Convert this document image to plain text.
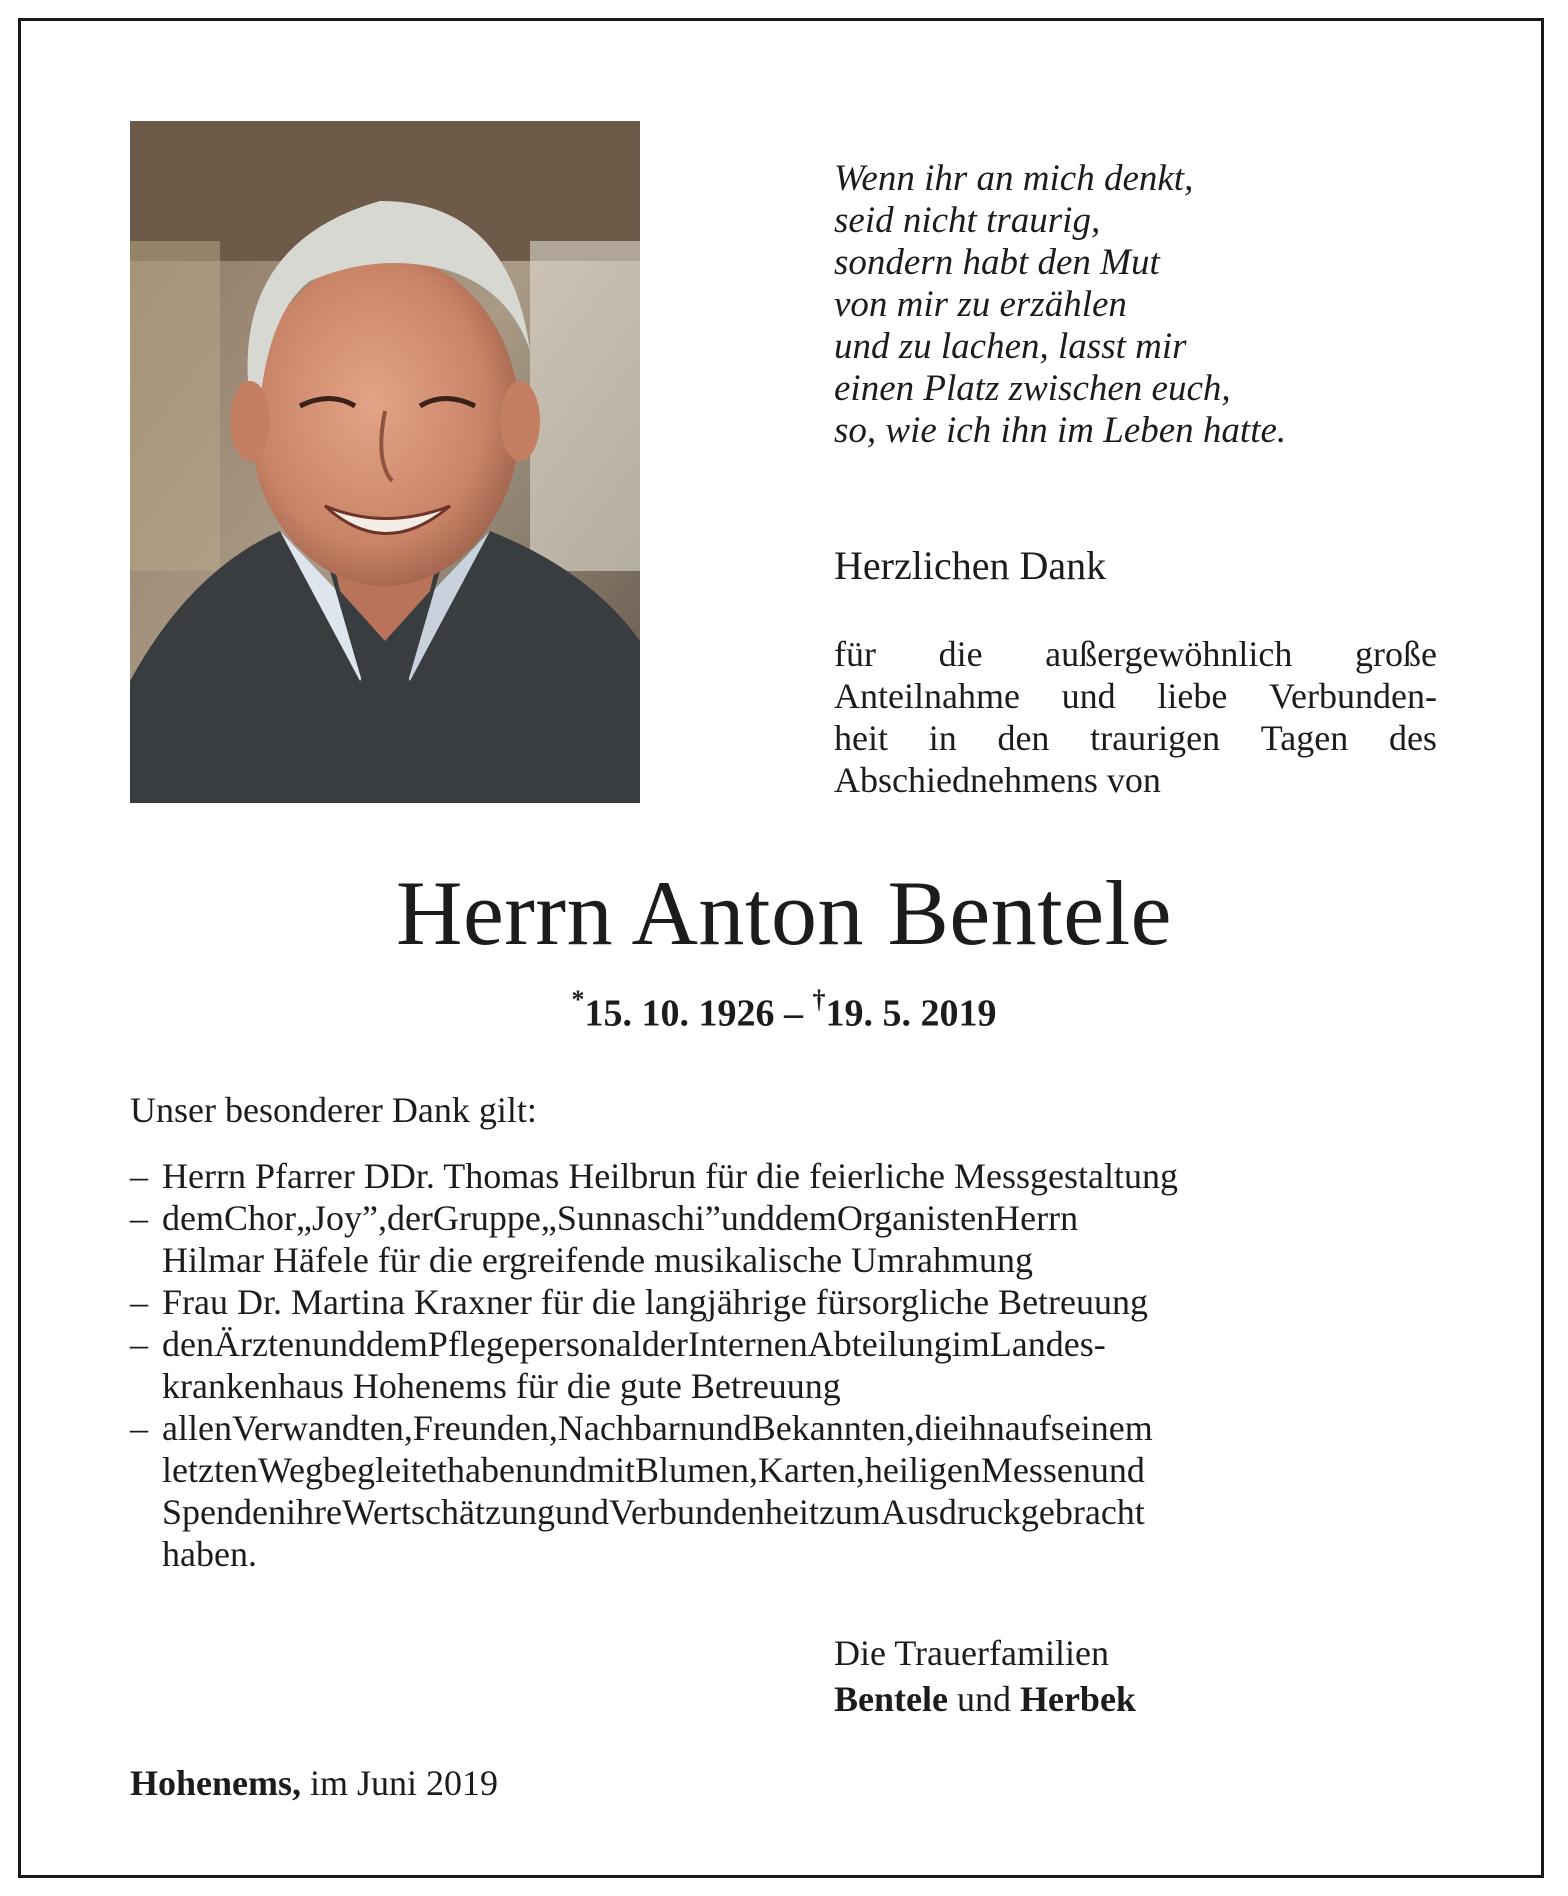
Wenn ihr an mich denkt,
seid nicht traurig,
sondern habt den Mut
von mir zu erzählen
und zu lachen, lasst mir
einen Platz zwischen euch,
so, wie ich ihn im Leben hatte.
Herzlichen Dank
für die außergewöhnlich große
Anteilnahme und liebe Verbunden-
heit in den traurigen Tagen des
Abschiednehmens von
Herrn Anton Bentele
*15. 10. 1926 – †19. 5. 2019
Unser besonderer Dank gilt:
– Herrn Pfarrer DDr. Thomas Heilbrun für die feierliche Messgestaltung
– demChor„Joy”,derGruppe„Sunnaschi”unddemOrganistenHerrn
Hilmar Häfele für die ergreifende musikalische Umrahmung
– Frau Dr. Martina Kraxner für die langjährige fürsorgliche Betreuung
– denÄrztenunddemPflegepersonalderInternenAbteilungimLandes-
krankenhaus Hohenems für die gute Betreuung
– allenVerwandten,Freunden,NachbarnundBekannten,dieihnaufseinem
letztenWegbegleitethabenundmitBlumen,Karten,heiligenMessenund
SpendenihreWertschätzungundVerbundenheitzumAusdruckgebracht
haben.
Die Trauerfamilien
Bentele und Herbek
Hohenems, im Juni 2019
